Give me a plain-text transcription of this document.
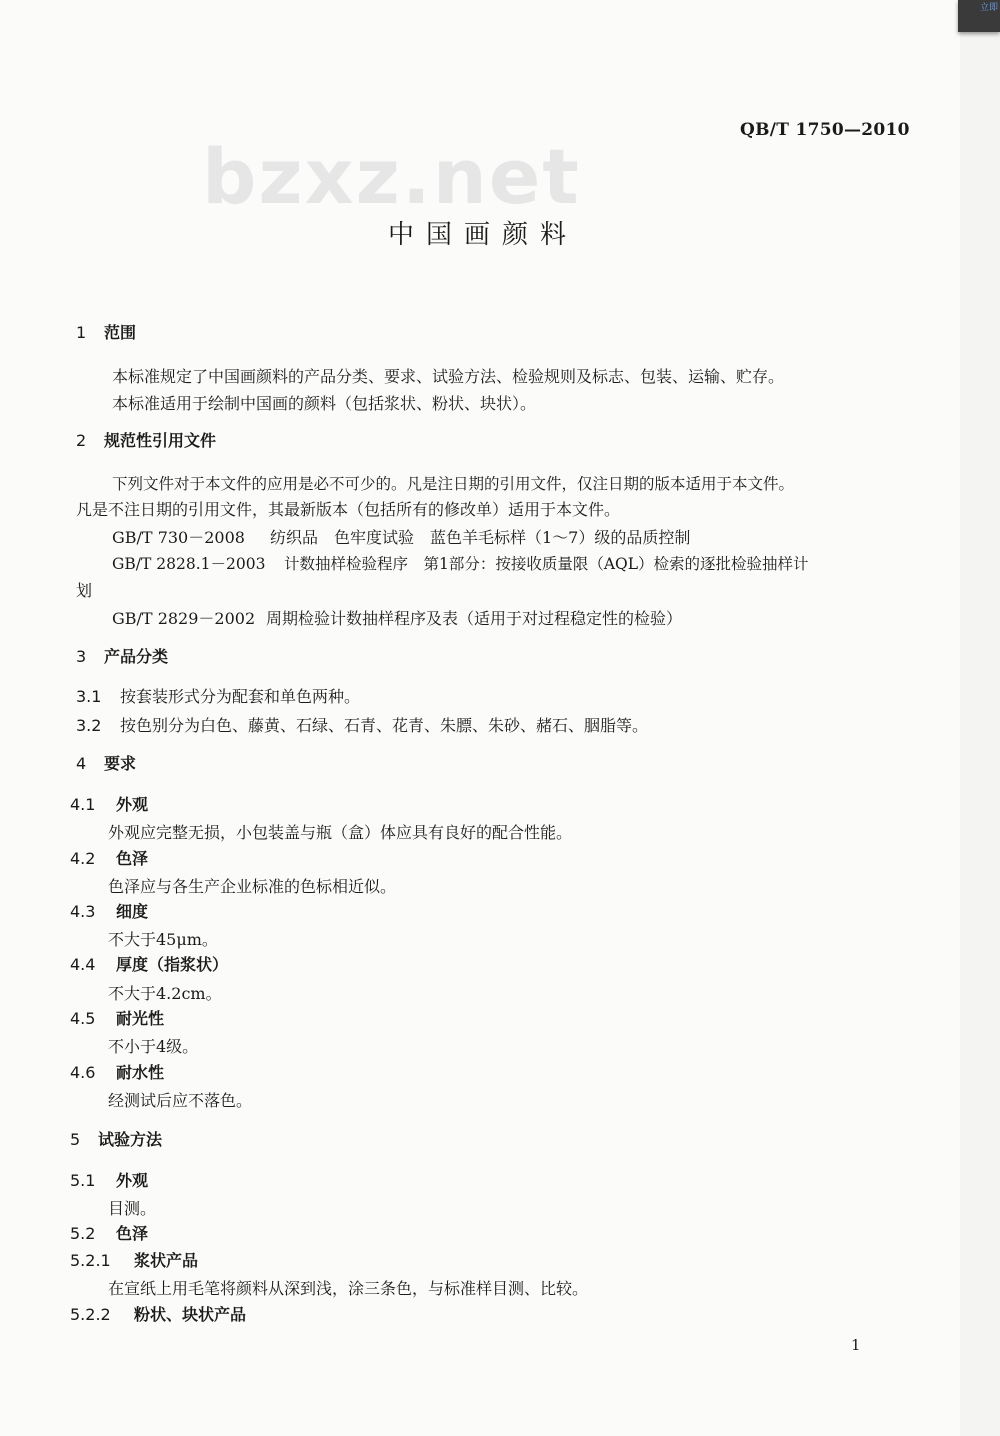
bzxz.net
QB/T 1750—2010
中国画颜料
1 范围
本标准规定了中国画颜料的产品分类、要求、试验方法、检验规则及标志、包装、运输、贮存。
本标准适用于绘制中国画的颜料（包括浆状、粉状、块状）。
2 规范性引用文件
下列文件对于本文件的应用是必不可少的。凡是注日期的引用文件，仅注日期的版本适用于本文件。
凡是不注日期的引用文件，其最新版本（包括所有的修改单）适用于本文件。
GB/T 730－2008 纺织品　色牢度试验　蓝色羊毛标样（1～7）级的品质控制
GB/T 2828.1－2003 计数抽样检验程序　第1部分：按接收质量限（AQL）检索的逐批检验抽样计
划
GB/T 2829－2002 周期检验计数抽样程序及表（适用于对过程稳定性的检验）
3 产品分类
3.1 按套装形式分为配套和单色两种。
3.2 按色别分为白色、藤黄、石绿、石青、花青、朱膘、朱砂、赭石、胭脂等。
4 要求
4.1 外观
外观应完整无损，小包装盖与瓶（盒）体应具有良好的配合性能。
4.2 色泽
色泽应与各生产企业标准的色标相近似。
4.3 细度
不大于45μm。
4.4 厚度（指浆状）
不大于4.2cm。
4.5 耐光性
不小于4级。
4.6 耐水性
经测试后应不落色。
5 试验方法
5.1 外观
目测。
5.2 色泽
5.2.1 浆状产品
在宣纸上用毛笔将颜料从深到浅，涂三条色，与标准样目测、比较。
5.2.2 粉状、块状产品
1
立即
